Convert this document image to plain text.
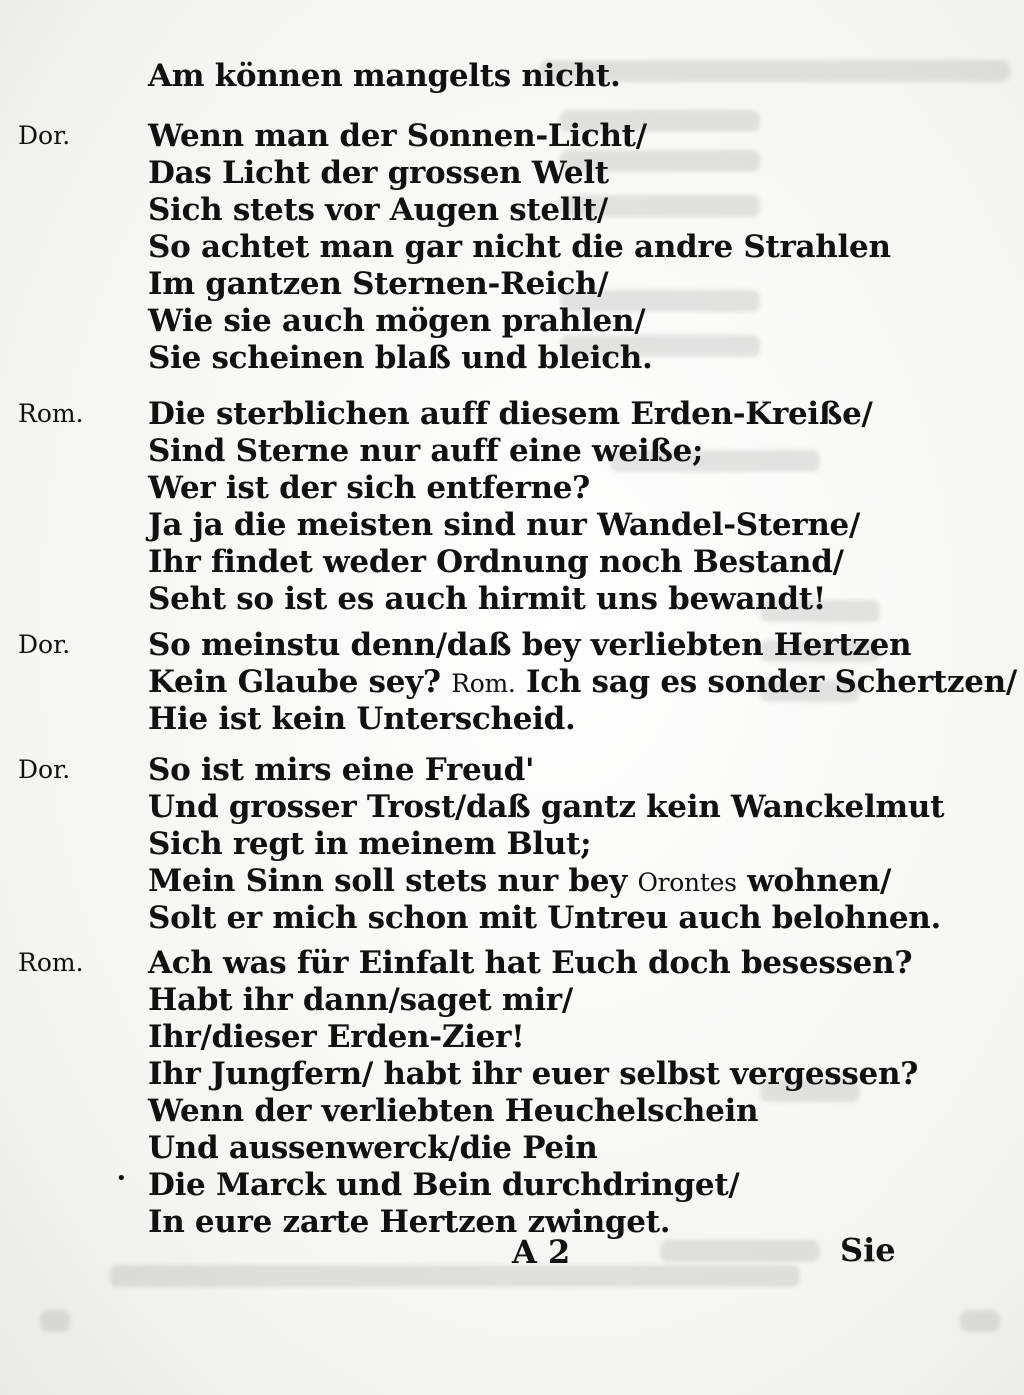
Am können mangelts nicht.
Dor.	Wenn man der Sonnen-Licht/
Das Licht der grossen Welt
Sich stets vor Augen stellt/
So achtet man gar nicht die andre Strahlen
Im gantzen Sternen-Reich/
Wie sie auch mögen prahlen/
Sie scheinen blaß und bleich.
Rom. Die sterblichen auff diesem Erden-Kreiße/
Sind Sterne nur auff eine weiße;
Wer ist der sich entferne?
Ja ja die meisten sind nur Wandel-Sterne/
Ihr findet weder Ordnung noch Bestand/
Seht so ist es auch hirmit uns bewandt!
Dor.	So meinstu denn/daß bey verliebten Hertzen
Kein Glaube sey? Rom. Ich sag es sonder Schertzen/
Hie ist kein Unterscheid.
Dor.	So ist mirs eine Freud'
Und grosser Trost/daß gantz kein Wanckelmut
Sich regt in meinem Blut;
Mein Sinn soll stets nur bey Orontes wohnen/
Solt er mich schon mit Untreu auch belohnen.
Rom. Ach was für Einfalt hat Euch doch besessen?
Habt ihr dann/saget mir/
Ihr/dieser Erden-Zier!
Ihr Jungfern/ habt ihr euer selbst vergessen?
Wenn der verliebten Heuchelschein
Und aussenwerck/die Pein
• Die Marck und Bein durchdringet/
In eure zarte Hertzen zwinget.
A 2	Sie
